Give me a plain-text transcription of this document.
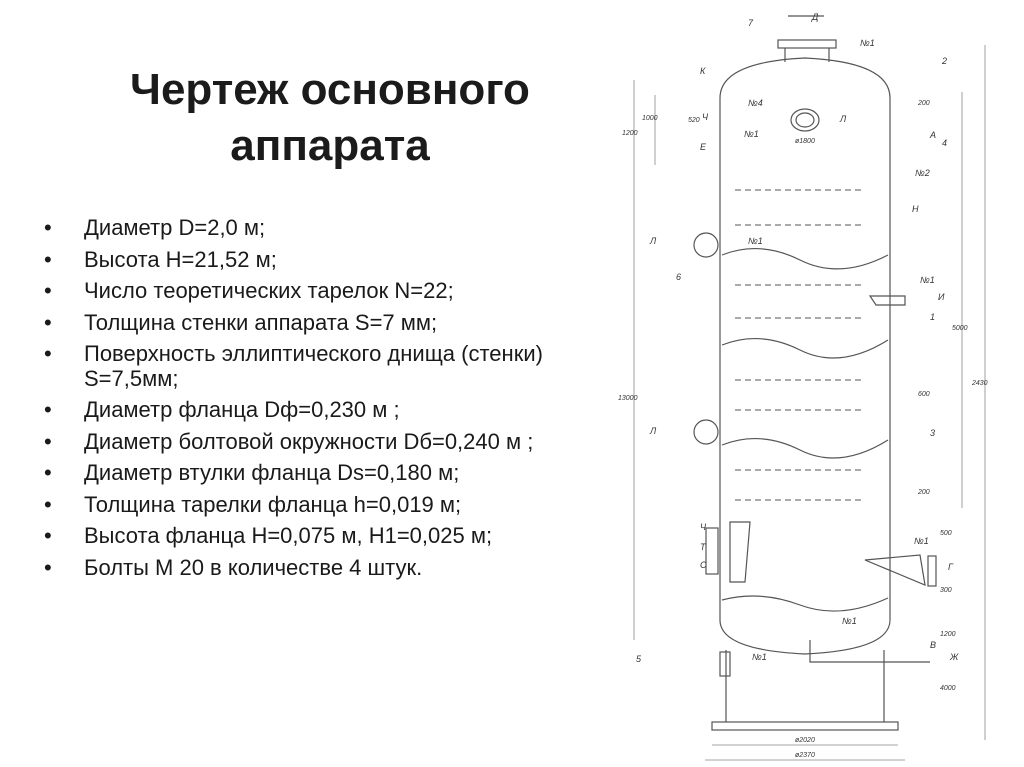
Чертеж основного
аппарата
• Диаметр D=2,0 м;
• Высота H=21,52 м;
• Число теоретических тарелок N=22;
• Толщина стенки аппарата S=7 мм;
• Поверхность эллиптического днища (стенки) S=7,5мм;
• Диаметр фланца Dф=0,230 м ;
• Диаметр болтовой окружности Dб=0,240 м ;
• Диаметр втулки фланца Ds=0,180 м;
• Толщина тарелки фланца h=0,019 м;
• Высота фланца H=0,075 м, H1=0,025 м;
• Болты М 20 в количестве 4 штук.
7
Д
№1
2
К
№4
Ч	Л
№1
Е
А
4
№2
Н
Л
6
№1
№1
И
1
Л	3
Ч
Т
С
№1
Г
№1
5	№1
В
Ж
1200
1000	520
ø1800
200
5000
2430
600
13000
200
500
300
1200
4000
ø2020
ø2370
